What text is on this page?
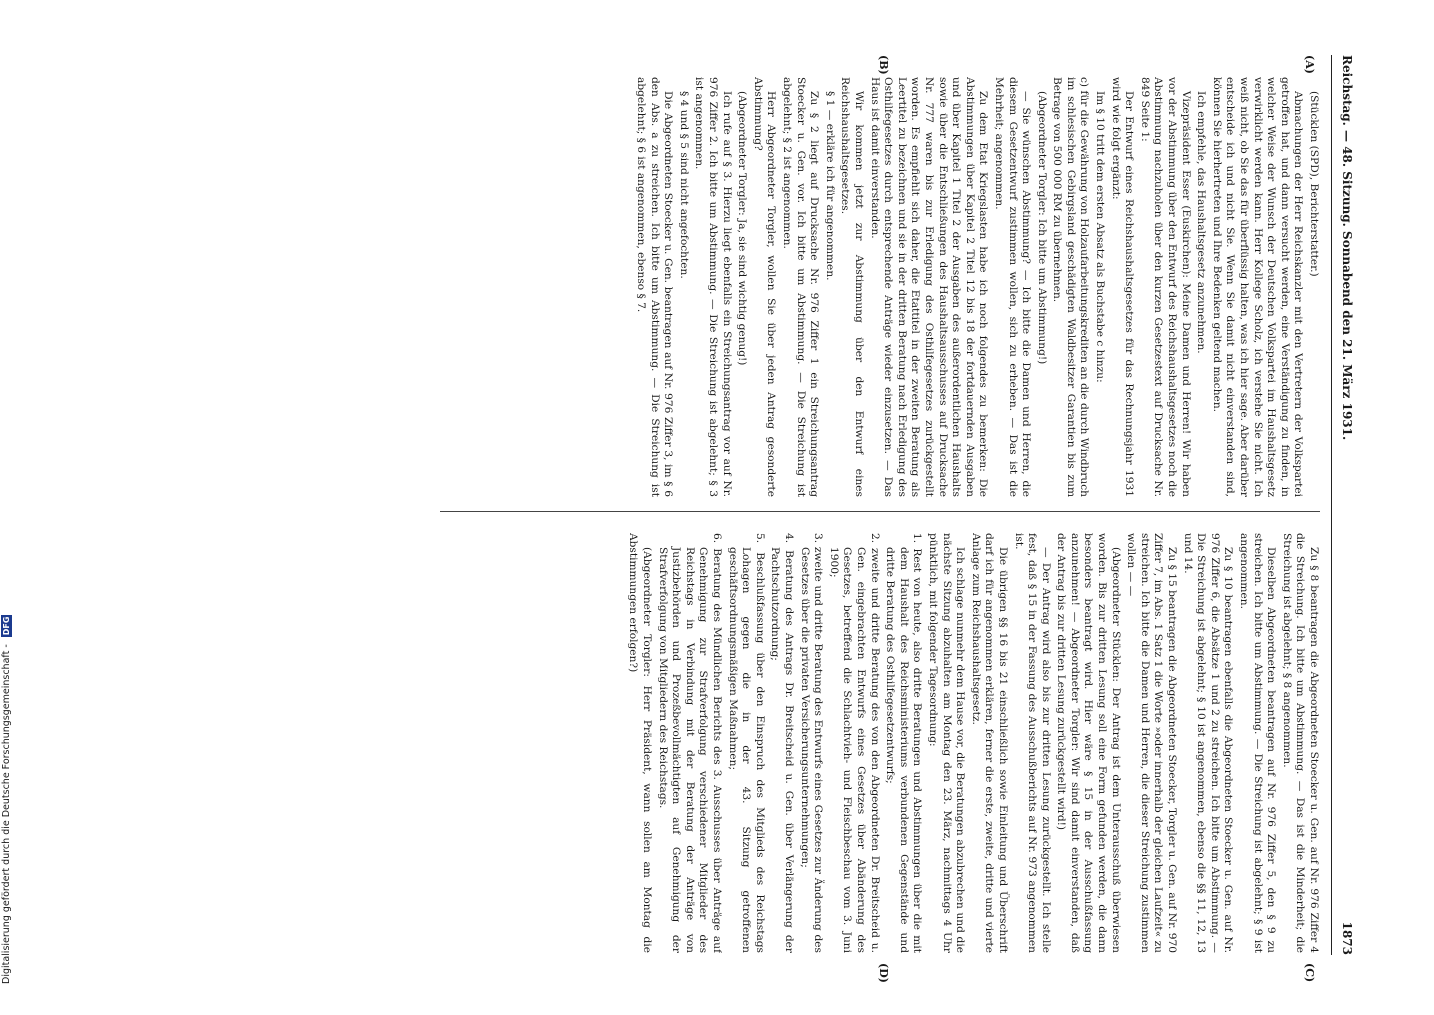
Digitalisierung gefördert durch die Deutsche Forschungsgemeinschaft - DFG
Reichstag. — 48. Sitzung. Sonnabend den 21. März 1931.
1873
(A)
(B)
(C)
(D)

(Stücklen (SPD), Berichterstatter.)

Abmachungen der Herr Reichskanzler mit den Vertretern der Volkspartei getroffen hat, und dann versucht werden, eine Verständigung zu finden, in welcher Weise der Wunsch der Deutschen Volkspartei im Haushaltsgesetz verwirklicht werden kann. Herr Kollege Scholz, ich verstehe Sie nicht. Ich weiß nicht, ob Sie das für überflüssig halten, was ich hier sage. Aber darüber entscheide ich und nicht Sie. Wenn Sie damit nicht einverstanden sind, können Sie hierhertreten und Ihre Bedenken geltend machen.

Ich empfehle, das Haushaltsgesetz anzunehmen.

Vizepräsident Esser (Euskirchen): Meine Damen und Herren! Wir haben vor der Abstimmung über den Entwurf des Reichshaushaltsgesetzes noch die Abstimmung nachzuholen über den kurzen Gesetzestext auf Drucksache Nr. 849 Seite 1:

Der Entwurf eines Reichshaushaltsgesetzes für das Rechnungsjahr 1931 wird wie folgt ergänzt:

Im § 10 tritt dem ersten Absatz als Buchstabe c hinzu:

c) für die Gewährung von Holzaufarbeitungskrediten an die durch Windbruch im schlesischen Gebirgsland geschädigten Waldbesitzer Garantien bis zum Betrage von 500 000 RM zu übernehmen.

(Abgeordneter Torgler: Ich bitte um Abstimmung!)

— Sie wünschen Abstimmung? — Ich bitte die Damen und Herren, die diesem Gesetzentwurf zustimmen wollen, sich zu erheben. — Das ist die Mehrheit; angenommen.

Zu dem Etat Kriegslasten habe ich noch folgendes zu bemerken: Die Abstimmungen über Kapitel 2 Titel 12 bis 18 der fortdauernden Ausgaben und über Kapitel 1 Titel 2 der Ausgaben des außerordentlichen Haushalts sowie über die Entschließungen des Haushaltsausschusses auf Drucksache Nr. 777 waren bis zur Erledigung des Osthilfegesetzes zurückgestellt worden. Es empfiehlt sich daher, die Etattitel in der zweiten Beratung als Leertitel zu bezeichnen und sie in der dritten Beratung nach Erledigung des Osthilfegesetzes durch entsprechende Anträge wieder einzusetzen. — Das Haus ist damit einverstanden.

Wir kommen jetzt zur Abstimmung über den Entwurf eines Reichshaushaltsgesetzes.

§ 1 — erkläre ich für angenommen.

Zu § 2 liegt auf Drucksache Nr. 976 Ziffer 1 ein Streichungsantrag Stoecker u. Gen. vor. Ich bitte um Abstimmung. — Die Streichung ist abgelehnt; § 2 ist angenommen.

Herr Abgeordneter Torgler, wollen Sie über jeden Antrag gesonderte Abstimmung?

(Abgeordneter Torgler: Ja, sie sind wichtig genug!)

Ich rufe auf § 3. Hierzu liegt ebenfalls ein Streichungsantrag vor auf Nr. 976 Ziffer 2. Ich bitte um Abstimmung. — Die Streichung ist abgelehnt; § 3 ist angenommen.

§ 4 und § 5 sind nicht angefochten.

Die Abgeordneten Stoecker u. Gen. beantragen auf Nr. 976 Ziffer 3, im § 6 den Abs. a zu streichen. Ich bitte um Abstimmung. — Die Streichung ist abgelehnt; § 6 ist angenommen, ebenso § 7.

Zu § 8 beantragen die Abgeordneten Stoecker u. Gen. auf Nr. 976 Ziffer 4 die Streichung. Ich bitte um Abstimmung. — Das ist die Minderheit; die Streichung ist abgelehnt; § 8 angenommen.

Dieselben Abgeordneten beantragen auf Nr. 976 Ziffer 5, den § 9 zu streichen. Ich bitte um Abstimmung. — Die Streichung ist abgelehnt; § 9 ist angenommen.

Zu § 10 beantragen ebenfalls die Abgeordneten Stoecker u. Gen. auf Nr. 976 Ziffer 6, die Absätze 1 und 2 zu streichen. Ich bitte um Abstimmung. — Die Streichung ist abgelehnt; § 10 ist angenommen, ebenso die §§ 11, 12, 13 und 14.

Zu § 15 beantragen die Abgeordneten Stoecker, Torgler u. Gen. auf Nr. 970 Ziffer 7, im Abs. 1 Satz 1 die Worte »oder innerhalb der gleichen Laufzeit« zu streichen. Ich bitte die Damen und Herren, die dieser Streichung zustimmen wollen — —

(Abgeordneter Stücklen: Der Antrag ist dem Unterausschuß überwiesen worden. Bis zur dritten Lesung soll eine Form gefunden werden, die dann besonders beantragt wird. Hier wäre § 15 in der Ausschußfassung anzunehmen! — Abgeordneter Torgler: Wir sind damit einverstanden, daß der Antrag bis zur dritten Lesung zurückgestellt wird!)

— Der Antrag wird also bis zur dritten Lesung zurückgestellt. Ich stelle fest, daß § 15 in der Fassung des Ausschußberichts auf Nr. 973 angenommen ist.

Die übrigen §§ 16 bis 21 einschließlich sowie Einleitung und Überschrift darf ich für angenommen erklären, ferner die erste, zweite, dritte und vierte Anlage zum Reichshaushaltsgesetz.

Ich schlage nunmehr dem Hause vor, die Beratungen abzubrechen und die nächste Sitzung abzuhalten am Montag den 23. März, nachmittags 4 Uhr pünktlich, mit folgender Tagesordnung:

1. Rest von heute, also dritte Beratungen und Abstimmungen über die mit dem Haushalt des Reichsministeriums verbundenen Gegenstände und dritte Beratung des Osthilfegesetzentwurfs;

2. zweite und dritte Beratung des von den Abgeordneten Dr. Breitscheid u. Gen. eingebrachten Entwurfs eines Gesetzes über Abänderung des Gesetzes, betreffend die Schlachtvieh- und Fleischbeschau vom 3. Juni 1900;

3. zweite und dritte Beratung des Entwurfs eines Gesetzes zur Änderung des Gesetzes über die privaten Versicherungsunternehmungen;

4. Beratung des Antrags Dr. Breitscheid u. Gen. über Verlängerung der Pachtschutzordnung;

5. Beschlußfassung über den Einspruch des Mitglieds des Reichstags Lohagen gegen die in der 43. Sitzung getroffenen geschäftsordnungsmäßigen Maßnahmen;

6. Beratung des Mündlichen Berichts des 3. Ausschusses über Anträge auf Genehmigung zur Strafverfolgung verschiedener Mitglieder des Reichstags in Verbindung mit der Beratung der Anträge von Justizbehörden und Prozeßbevollmächtigten auf Genehmigung der Strafverfolgung von Mitgliedern des Reichstags.

(Abgeordneter Torgler: Herr Präsident, wann sollen am Montag die Abstimmungen erfolgen?)
